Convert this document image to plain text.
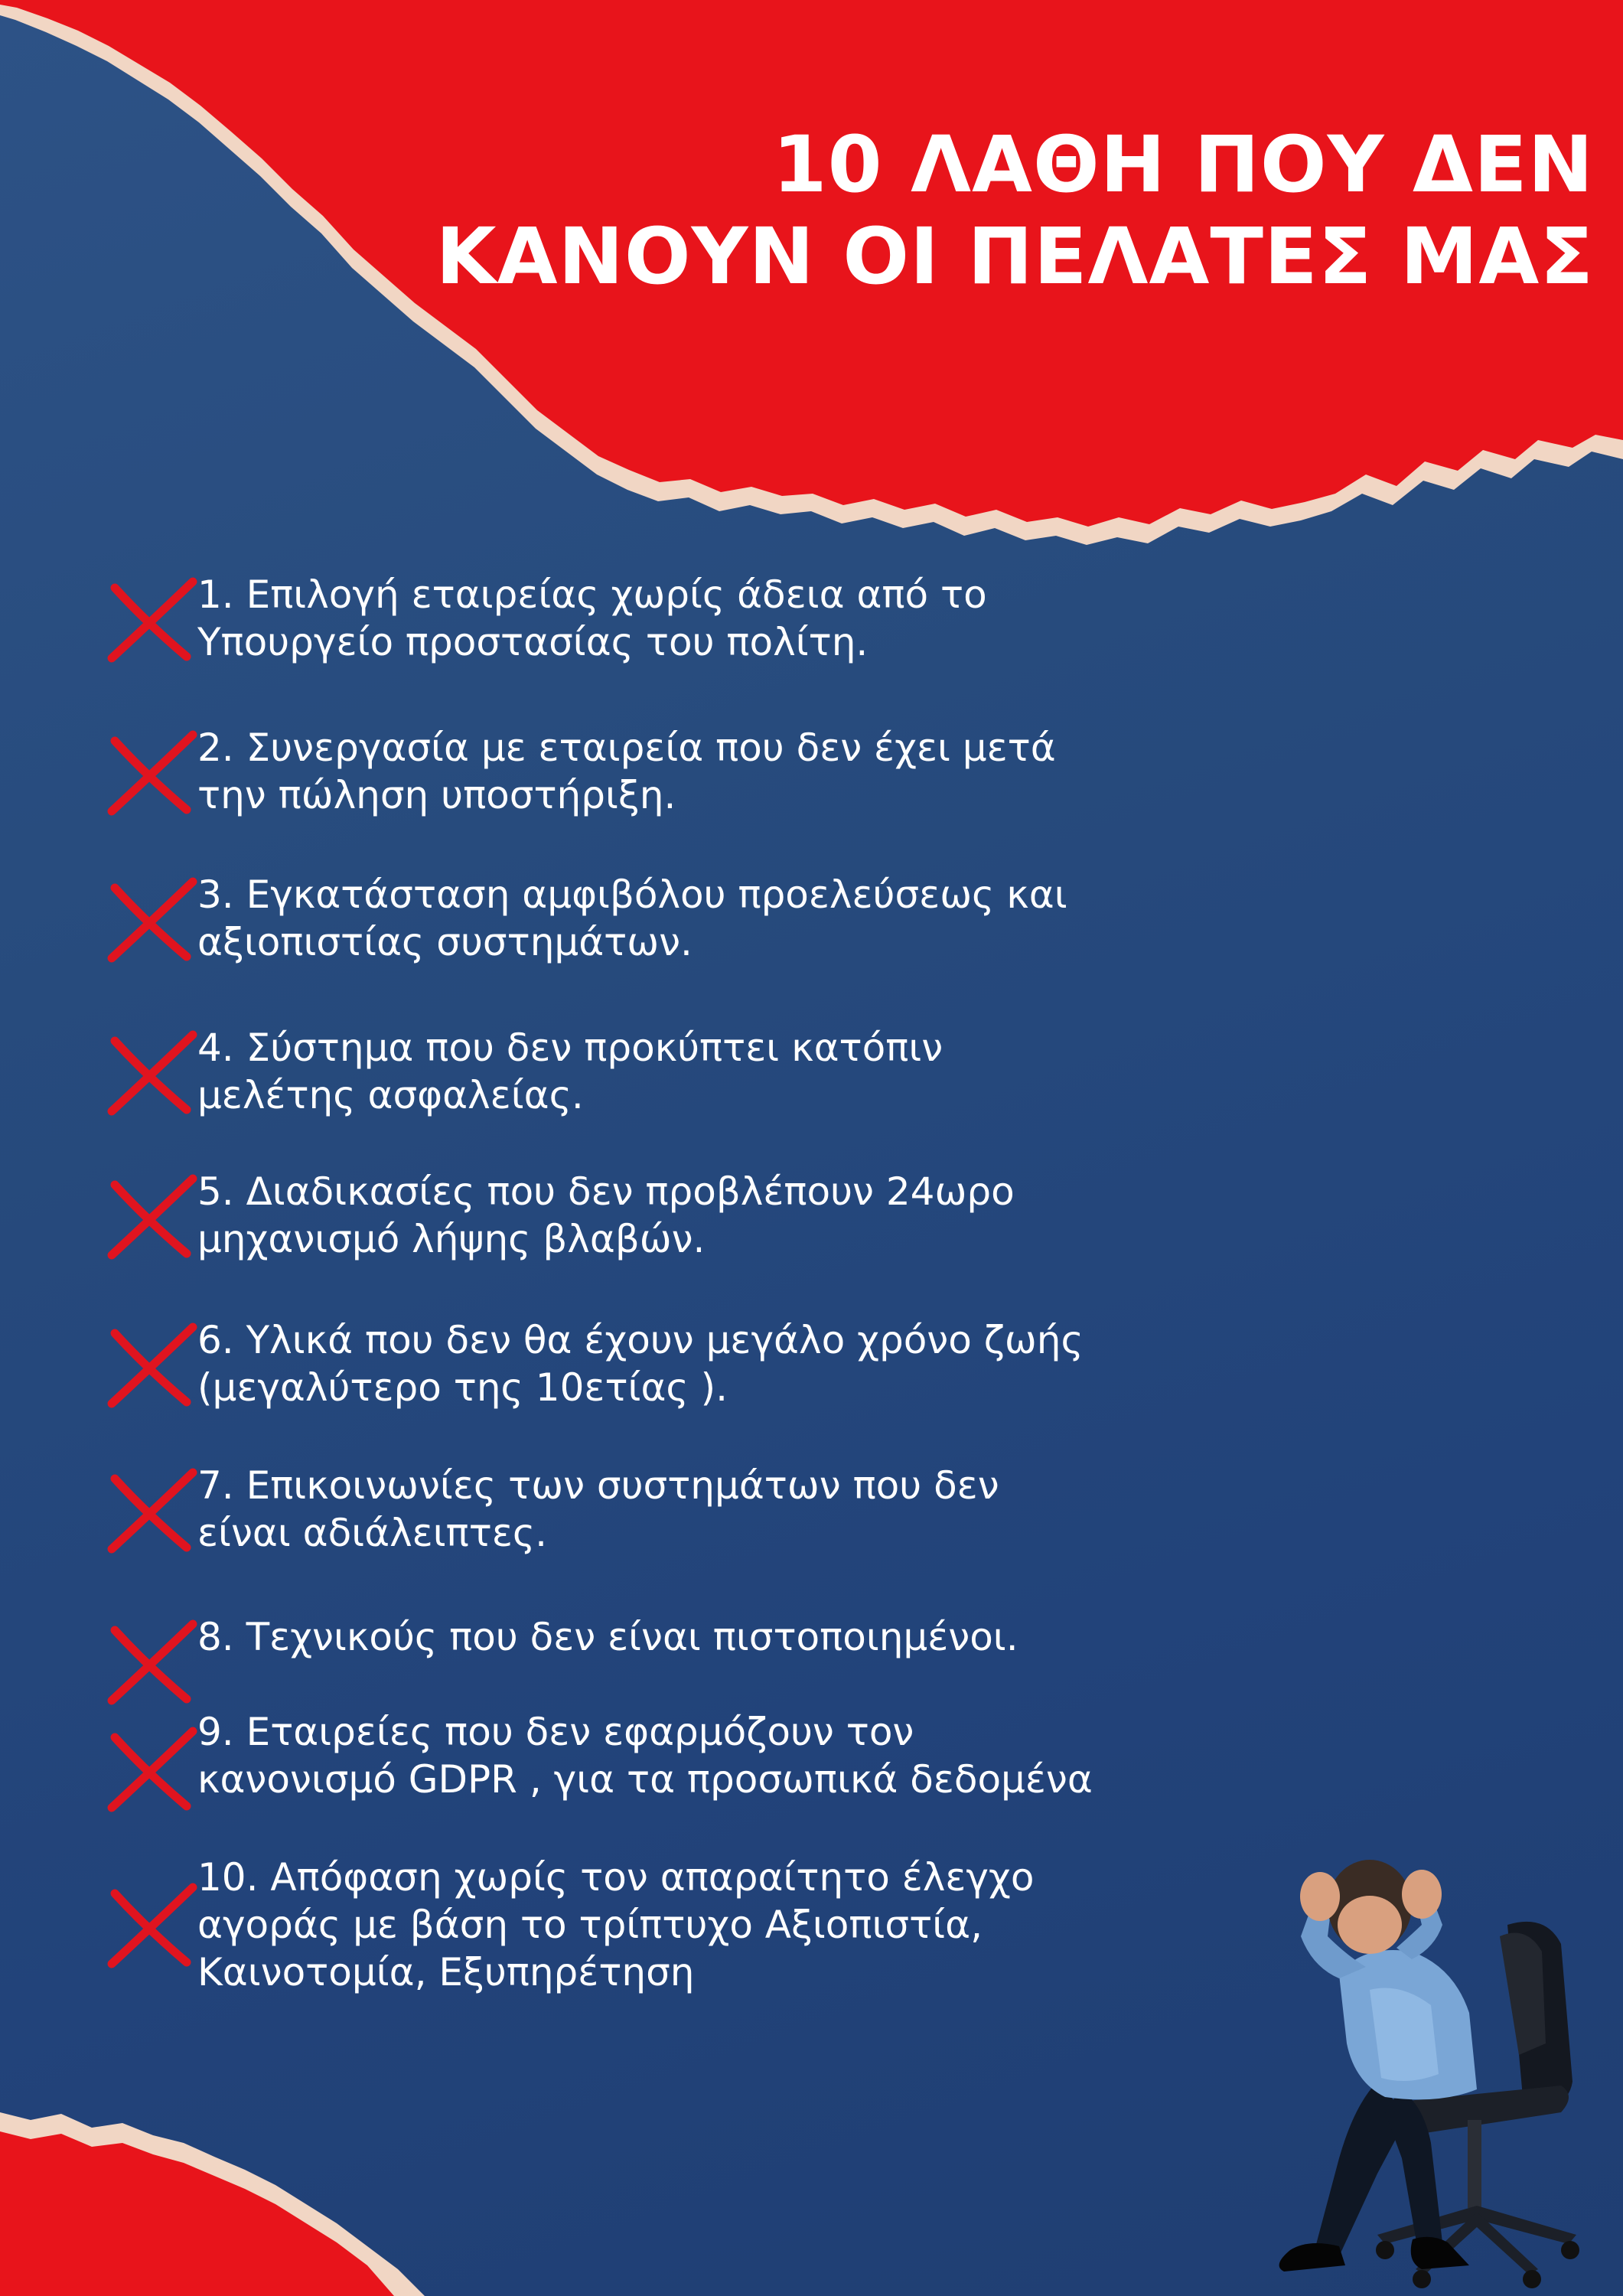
10 ΛΑΘΗ ΠΟΥ ΔΕΝ
ΚΑΝΟΥΝ ΟΙ ΠΕΛΑΤΕΣ ΜΑΣ
1. Επιλογή εταιρείας χωρίς άδεια από το
Υπουργείο προστασίας του πολίτη.
2. Συνεργασία με εταιρεία που δεν έχει μετά
την πώληση υποστήριξη.
3. Εγκατάσταση αμφιβόλου προελεύσεως και
αξιοπιστίας συστημάτων.
4. Σύστημα που δεν προκύπτει κατόπιν
μελέτης ασφαλείας.
5. Διαδικασίες που δεν προβλέπουν 24ωρο
μηχανισμό λήψης βλαβών.
6. Υλικά που δεν θα έχουν μεγάλο χρόνο ζωής
(μεγαλύτερο της 10ετίας ).
7. Επικοινωνίες των συστημάτων που δεν
είναι αδιάλειπτες.
8. Τεχνικούς που δεν είναι πιστοποιημένοι.
9. Εταιρείες που δεν εφαρμόζουν τον
κανονισμό GDPR , για τα προσωπικά δεδομένα
10. Απόφαση χωρίς τον απαραίτητο έλεγχο
αγοράς με βάση το τρίπτυχο Αξιοπιστία,
Καινοτομία, Εξυπηρέτηση
